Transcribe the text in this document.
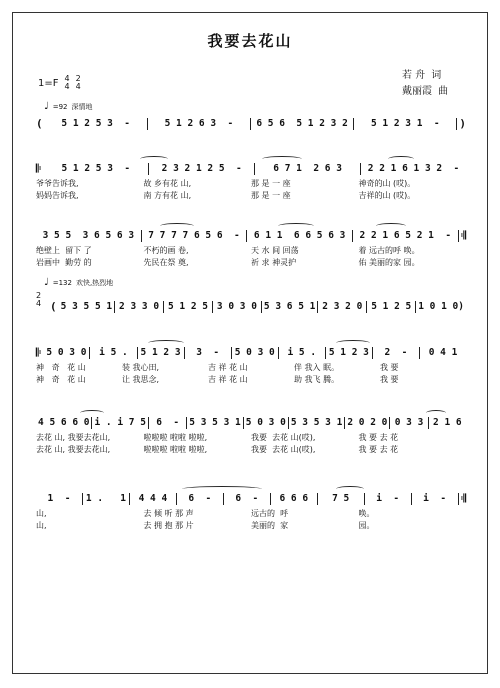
我要去花山
1=F 4
4
2
4
若 舟 词
戴丽霞 曲
♩ =92 深情地
♩ =132 欢快,热烈地
2
4
(	5 1 2 5 3  -	5 1 2 6 3  -	6 5 6  5 1 2 3 2	5 1 2 3 1  -	)
𝄆	5 1 2 5 3  -	2 3 2 1 2 5  -	6 7 1  2 6 3	2 2 1 6 1 3 2  -
爷爷告诉我,	故 乡有花 山,	那 是 一 座	神奇的山 (哎)。
妈妈告诉我,	南 方有花 山,	那 是 一 座	吉祥的山 (哎)。
3 5 5  3 6 5 6 3	7 7 7 7 6 5 6  -	6 1 1  6 6 5 6 3	2 2 1 6 5 2 1  - 𝄇
绝壁上  留下 了	不朽的画 卷,	天 水 间 回荡	着 远古的呼 唤。
岩画中  勤劳 的	先民在祭 奠,	祈 求 神灵护	佑 美丽的家 园。
( 5 3 5 5 1 2 3 3 0 5 1 2 5 3 0 3 0 5 3 6 5 1 2 3 2 0 5 1 2 5 1 0 1 0)
𝄆 5 0 3 0	i 5 .	5 1 2 3	3  -	5 0 3 0	i 5 .	5 1 2 3	2  -	0 4 1
神   奇   花 山	装 我心田,	吉 祥 花 山	伴 我入 眠。	我 要
神   奇   花 山	让 我思念,	吉 祥 花 山	助 我飞 腾。	我 要
4 5 6 6 0 i . i 7 5	6  -	5 3 5 3 1 5 0 3 0 5 3 5 3 1 2 0 2 0 0 3 3	2 1 6
去花 山, 我要去花山,	啦啦啦 啦啦 啦啦,	我要  去花 山(哎),	我 要 去 花
去花 山, 我要去花山,	啦啦啦 啦啦 啦啦,	我要  去花 山(哎),	我 要 去 花
1  -	1 .   1	4 4 4	6  -	6  -	6 6 6	7 5	i  -	i  -	𝄇
山,	去 倾 听 那 声	远古的  呼	唤。
山,	去 拥 抱 那 片	美丽的  家	园。
